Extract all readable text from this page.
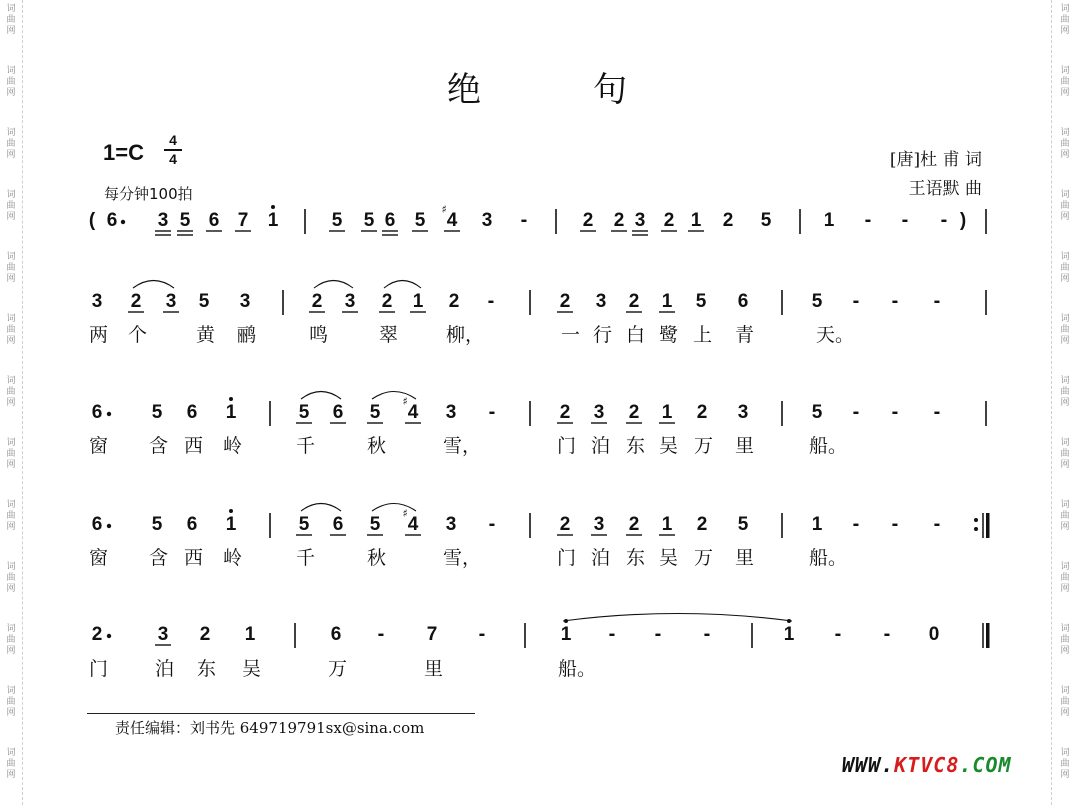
词
曲
网
词
曲
网
词
曲
网
词
曲
网
词
曲
网
词
曲
网
词
曲
网
词
曲
网
词
曲
网
词
曲
网
词
曲
网
词
曲
网
词
曲
网
词
曲
网
词
曲
网
词
曲
网
词
曲
网
词
曲
网
词
曲
网
词
曲
网
词
曲
网
词
曲
网
词
曲
网
词
曲
网
词
曲
网
词
曲
网
绝	句
1=C	4
4
每分钟100拍
[唐]杜 甫 词
王语默 曲
( 6 3 5 6 7 1	5 5 6 5 4
♯
3 -	2 2 3 2 1 2 5	1 - - - )
3 2 3 5 3	2 3 2 1 2 -	2 3 2 1 5 6	5 - - -
两 个	黄 鹂	鸣	翠	柳，	一 行 白 鹭 上 青	天。
6	5 6 1	5 6 5 4
♯
3 -	2 3 2 1 2 3	5 - - -
窗 含 西 岭	千	秋	雪，	门 泊 东 吴 万 里	船。
6	5 6 1	5 6 5 4
♯
3 -	2 3 2 1 2 5	1 - - -
窗 含 西 岭	千	秋	雪，	门 泊 东 吴 万 里	船。
2	3 2 1	6 - 7 -	1 - - -	1 - - 0
门 泊 东 吴	万	里	船。
责任编辑：刘书先 649719791sx@sina.com
WWW.KTVC8.COM
